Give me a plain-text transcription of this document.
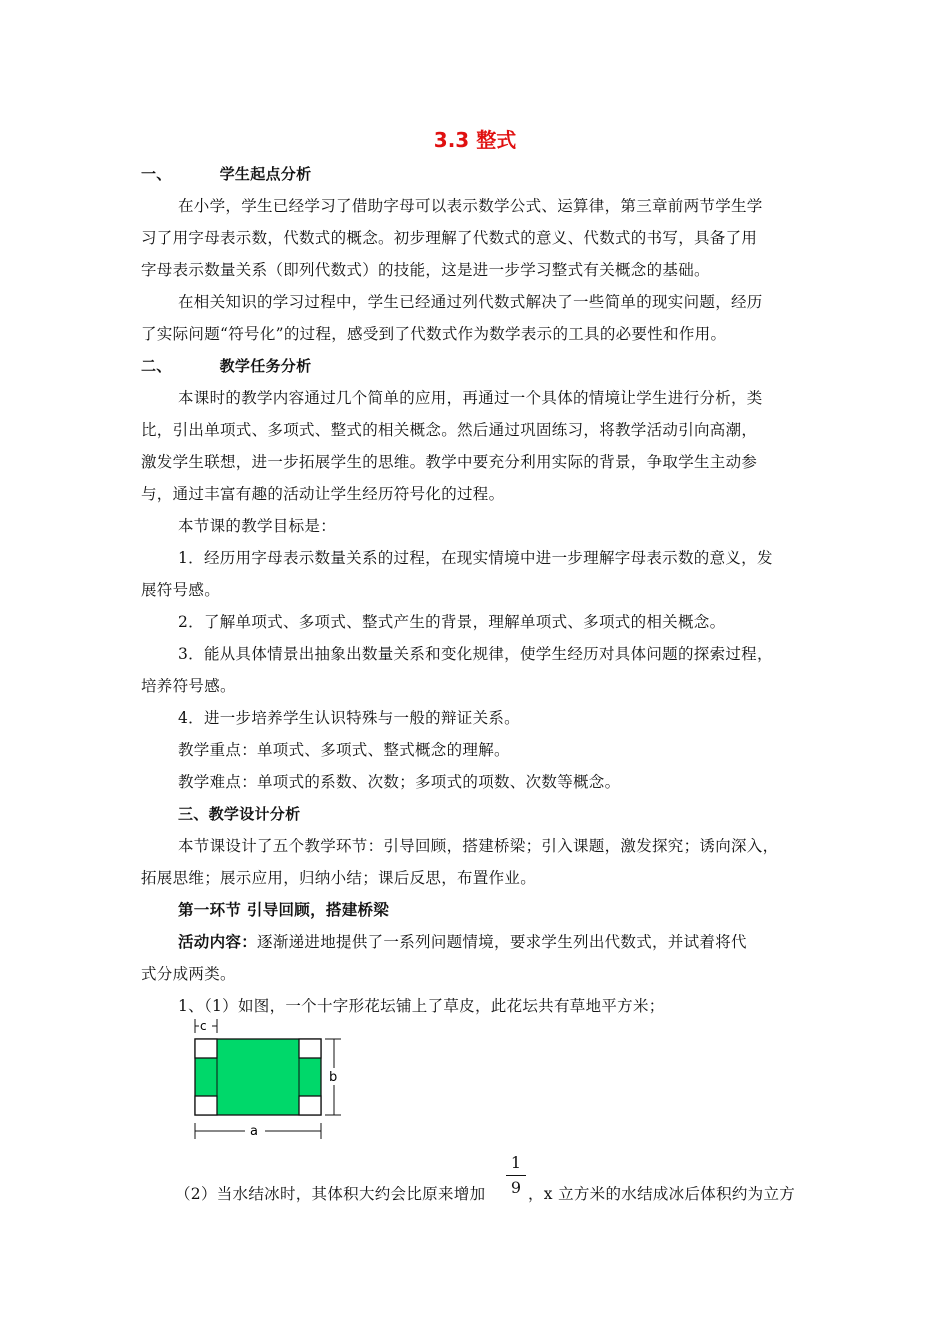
3.3 整式
一、	学生起点分析
在小学，学生已经学习了借助字母可以表示数学公式、运算律，第三章前两节学生学
习了用字母表示数，代数式的概念。初步理解了代数式的意义、代数式的书写，具备了用
字母表示数量关系（即列代数式）的技能，这是进一步学习整式有关概念的基础。
在相关知识的学习过程中，学生已经通过列代数式解决了一些简单的现实问题，经历
了实际问题“符号化”的过程，感受到了代数式作为数学表示的工具的必要性和作用。
二、	教学任务分析
本课时的教学内容通过几个简单的应用，再通过一个具体的情境让学生进行分析，类
比，引出单项式、多项式、整式的相关概念。然后通过巩固练习，将教学活动引向高潮，
激发学生联想，进一步拓展学生的思维。教学中要充分利用实际的背景，争取学生主动参
与，通过丰富有趣的活动让学生经历符号化的过程。
本节课的教学目标是：
1．经历用字母表示数量关系的过程，在现实情境中进一步理解字母表示数的意义，发
展符号感。
2．了解单项式、多项式、整式产生的背景，理解单项式、多项式的相关概念。
3．能从具体情景出抽象出数量关系和变化规律，使学生经历对具体问题的探索过程，
培养符号感。
4．进一步培养学生认识特殊与一般的辩证关系。
教学重点：单项式、多项式、整式概念的理解。
教学难点：单项式的系数、次数；多项式的项数、次数等概念。
三、教学设计分析
本节课设计了五个教学环节：引导回顾，搭建桥梁；引入课题，激发探究；诱向深入，
拓展思维；展示应用，归纳小结；课后反思，布置作业。
第一环节 引导回顾，搭建桥梁
活动内容：逐渐递进地提供了一系列问题情境，要求学生列出代数式，并试着将代
式分成两类。
1、（1）如图，一个十字形花坛铺上了草皮，此花坛共有草地平方米；
c
b
a
1
9
（2）当水结冰时，其体积大约会比原来增加	，x 立方米的水结成冰后体积约为立方
